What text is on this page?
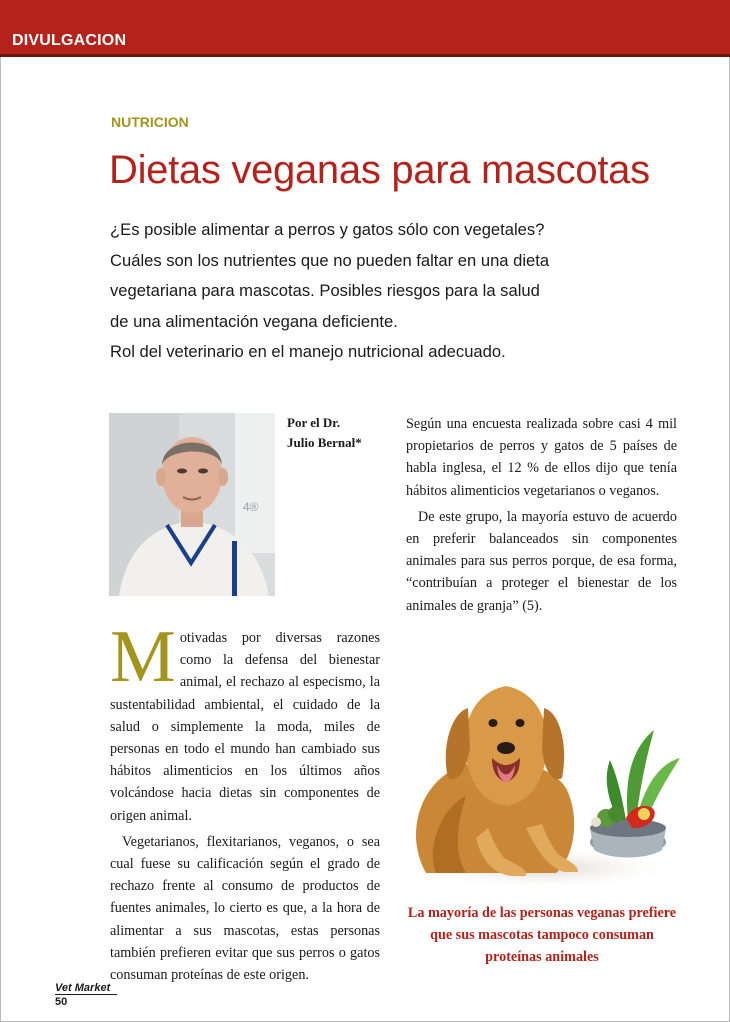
DIVULGACION
NUTRICION
Dietas veganas para mascotas
¿Es posible alimentar a perros y gatos sólo con vegetales?
Cuáles son los nutrientes que no pueden faltar en una dieta
vegetariana para mascotas. Posibles riesgos para la salud
de una alimentación vegana deficiente.
Rol del veterinario en el manejo nutricional adecuado.
4®
Por el Dr.
Julio Bernal*

Motivadas por diversas razones como la defensa del bienestar animal, el rechazo al especismo, la sustentabilidad ambiental, el cuidado de la salud o simplemente la moda, miles de personas en todo el mundo han cambiado sus hábitos alimenticios en los últimos años volcándose hacia dietas sin componentes de origen animal.

Vegetarianos, flexitarianos, veganos, o sea cual fuese su calificación según el grado de rechazo frente al consumo de productos de fuentes animales, lo cierto es que, a la hora de alimentar a sus mascotas, estas personas también prefieren evitar que sus perros o gatos consuman proteínas de este origen.

Según una encuesta realizada sobre casi 4 mil propietarios de perros y gatos de 5 países de habla inglesa, el 12 % de ellos dijo que tenía hábitos alimenticios vegetarianos o veganos.

De este grupo, la mayoría estuvo de acuerdo en preferir balanceados sin componentes animales para sus perros porque, de esa forma, “contribuían a proteger el bienestar de los animales de granja” (5).

La mayoría de las personas veganas prefiere que sus mascotas tampoco consuman proteínas animales
Vet Market
50
